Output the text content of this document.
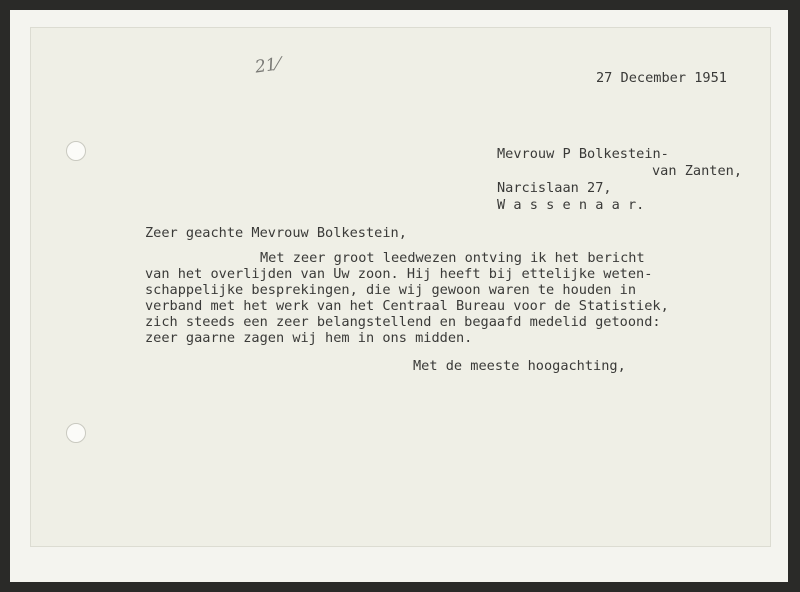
21⁄

27 December 1951

Mevrouw P Bolkestein-

van Zanten,

Narcislaan 27,

W a s s e n a a r.

Zeer geachte Mevrouw Bolkestein,

Met zeer groot leedwezen ontving ik het bericht

van het overlijden van Uw zoon. Hij heeft bij ettelijke weten-

schappelijke besprekingen, die wij gewoon waren te houden in

verband met het werk van het Centraal Bureau voor de Statistiek,

zich steeds een zeer belangstellend en begaafd medelid getoond:

zeer gaarne zagen wij hem in ons midden.

Met de meeste hoogachting,
